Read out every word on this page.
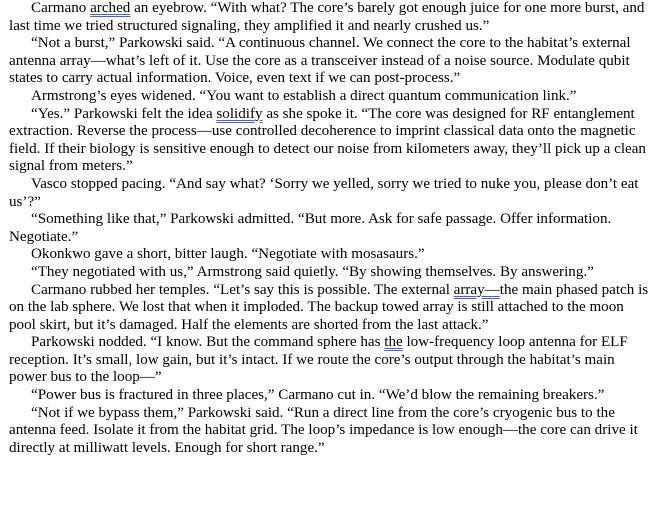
Carmano arched an eyebrow. “With what? The core’s barely got enough juice for one more burst, and last time we tried structured signaling, they amplified it and nearly crushed us.”

“Not a burst,” Parkowski said. “A continuous channel. We connect the core to the habitat’s external antenna array—what’s left of it. Use the core as a transceiver instead of a noise source. Modulate qubit states to carry actual information. Voice, even text if we can post-process.”

Armstrong’s eyes widened. “You want to establish a direct quantum communication link.”

“Yes.” Parkowski felt the idea solidify as she spoke it. “The core was designed for RF entanglement extraction. Reverse the process—use controlled decoherence to imprint classical data onto the magnetic field. If their biology is sensitive enough to detect our noise from kilometers away, they’ll pick up a clean signal from meters.”

Vasco stopped pacing. “And say what? ‘Sorry we yelled, sorry we tried to nuke you, please don’t eat us’?”

“Something like that,” Parkowski admitted. “But more. Ask for safe passage. Offer information. Negotiate.”

Okonkwo gave a short, bitter laugh. “Negotiate with mosasaurs.”

“They negotiated with us,” Armstrong said quietly. “By showing themselves. By answering.”

Carmano rubbed her temples. “Let’s say this is possible. The external array—the main phased patch is on the lab sphere. We lost that when it imploded. The backup towed array is still attached to the moon pool skirt, but it’s damaged. Half the elements are shorted from the last attack.”

Parkowski nodded. “I know. But the command sphere has the low-frequency loop antenna for ELF reception. It’s small, low gain, but it’s intact. If we route the core’s output through the habitat’s main power bus to the loop—”

“Power bus is fractured in three places,” Carmano cut in. “We’d blow the remaining breakers.”

“Not if we bypass them,” Parkowski said. “Run a direct line from the core’s cryogenic bus to the antenna feed. Isolate it from the habitat grid. The loop’s impedance is low enough—the core can drive it directly at milliwatt levels. Enough for short range.”
